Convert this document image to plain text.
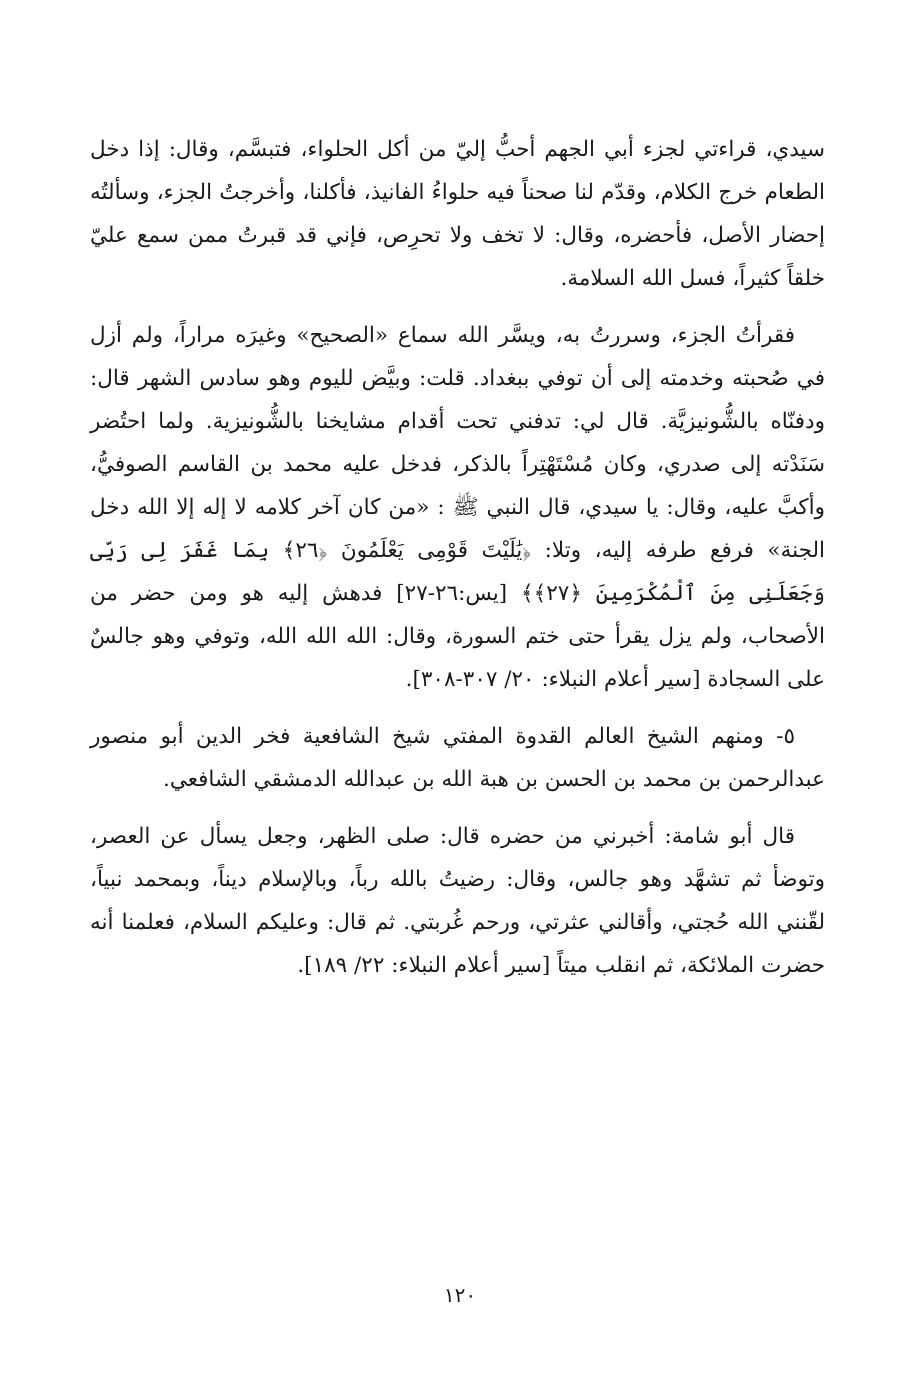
سيدي، قراءتي لجزء أبي الجهم أحبُّ إليّ من أكل الحلواء، فتبسَّم، وقال: إذا دخل الطعام خرج الكلام، وقدّم لنا صحناً فيه حلواءُ الفانيذ، فأكلنا، وأخرجتُ الجزء، وسألتُه إحضار الأصل، فأحضره، وقال: لا تخف ولا تحرِص، فإني قد قبرتُ ممن سمع عليّ خلقاً كثيراً، فسل الله السلامة.

فقرأتُ الجزء، وسررتُ به، ويسَّر الله سماع «الصحيح» وغيرَه مراراً، ولم أزل في صُحبته وخدمته إلى أن توفي ببغداد. قلت: وبيَّض لليوم وهو سادس الشهر قال: ودفنّاه بالشُّونيزيَّة. قال لي: تدفني تحت أقدام مشايخنا بالشُّونيزية. ولما احتُضر سَنَدْته إلى صدري، وكان مُسْتَهْتِراً بالذكر، فدخل عليه محمد بن القاسم الصوفيُّ، وأكبَّ عليه، وقال: يا سيدي، قال النبي ﷺ : «من كان آخر كلامه لا إله إلا الله دخل الجنة» فرفع طرفه إليه، وتلا: ﴿يَٰلَيْتَ قَوْمِى يَعْلَمُونَ ﴿٢٦﴾ بِمَا غَفَرَ لِى رَبِّى وَجَعَلَنِى مِنَ ٱلْمُكْرَمِينَ ﴿٢٧﴾﴾ [يس:٢٦-٢٧] فدهش إليه هو ومن حضر من الأصحاب، ولم يزل يقرأ حتى ختم السورة، وقال: الله الله الله، وتوفي وهو جالسٌ على السجادة [سير أعلام النبلاء: ٢٠/ ٣٠٧-٣٠٨].

٥- ومنهم الشيخ العالم القدوة المفتي شيخ الشافعية فخر الدين أبو منصور عبدالرحمن بن محمد بن الحسن بن هبة الله بن عبدالله الدمشقي الشافعي.

قال أبو شامة: أخبرني من حضره قال: صلى الظهر، وجعل يسأل عن العصر، وتوضأ ثم تشهَّد وهو جالس، وقال: رضيتُ بالله رباً، وبالإسلام ديناً، وبمحمد نبياً، لقّنني الله حُجتي، وأقالني عثرتي، ورحم غُربتي. ثم قال: وعليكم السلام، فعلمنا أنه حضرت الملائكة، ثم انقلب ميتاً [سير أعلام النبلاء: ٢٢/ ١٨٩].

١٢٠
